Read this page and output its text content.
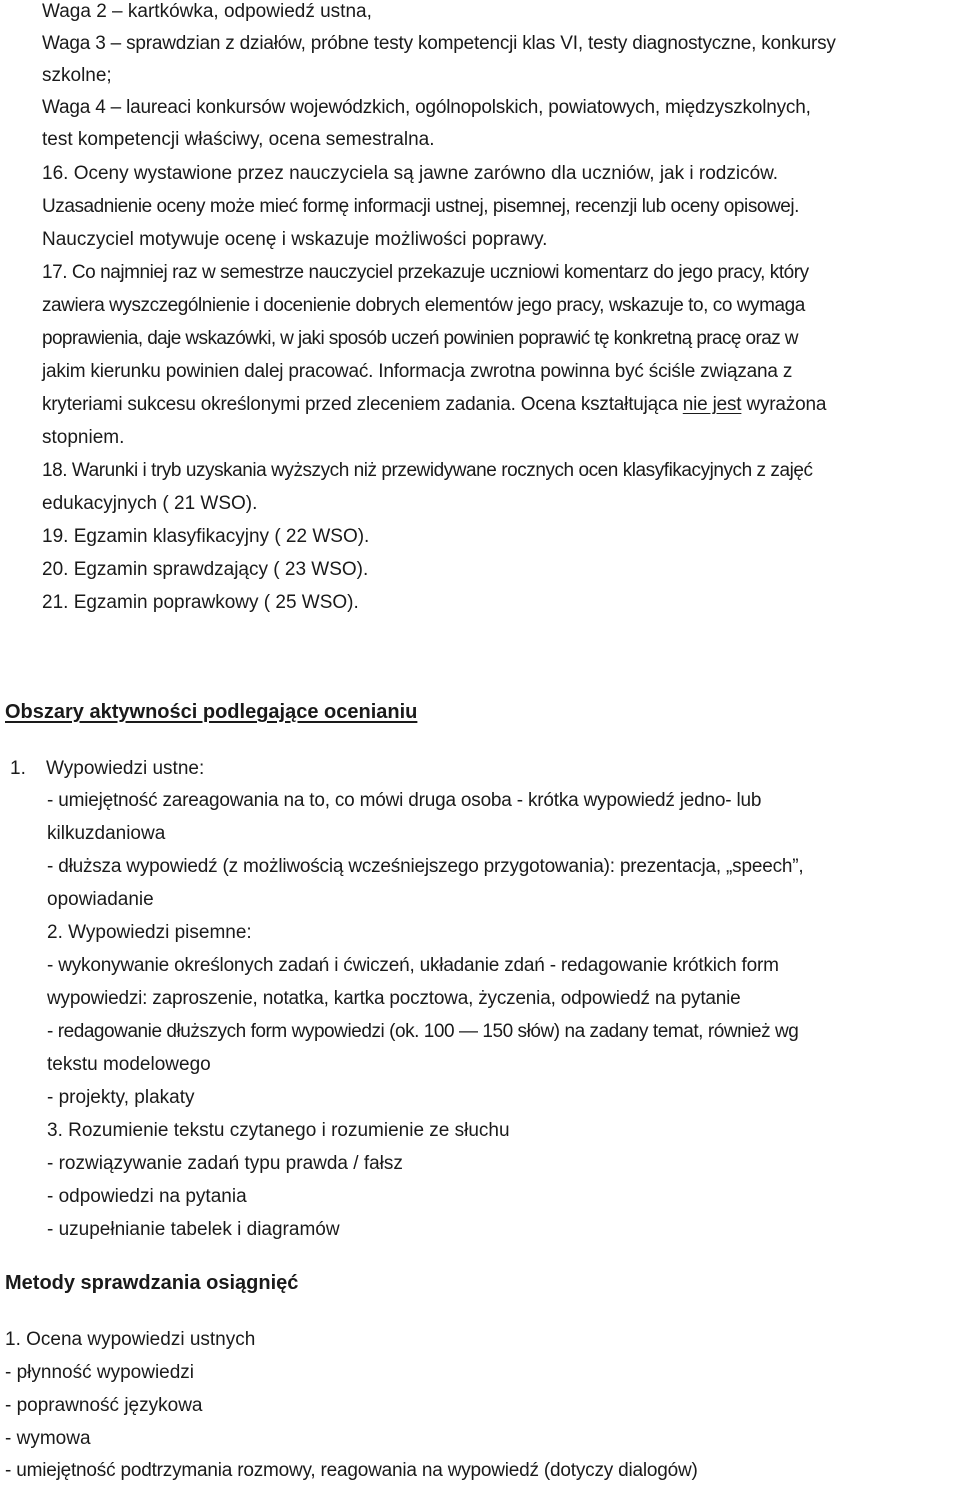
Waga 2 – kartkówka, odpowiedź ustna,
Waga 3 – sprawdzian z działów, próbne testy kompetencji klas VI, testy diagnostyczne, konkursy
szkolne;
Waga 4 – laureaci konkursów wojewódzkich, ogólnopolskich, powiatowych, międzyszkolnych,
test kompetencji właściwy, ocena semestralna.
16. Oceny wystawione przez nauczyciela są jawne zarówno dla uczniów, jak i rodziców.
Uzasadnienie oceny może mieć formę informacji ustnej, pisemnej, recenzji lub oceny opisowej.
Nauczyciel motywuje ocenę i wskazuje możliwości poprawy.
17. Co najmniej raz w semestrze nauczyciel przekazuje uczniowi komentarz do jego pracy, który
zawiera wyszczególnienie i docenienie dobrych elementów jego pracy, wskazuje to, co wymaga
poprawienia, daje wskazówki, w jaki sposób uczeń powinien poprawić tę konkretną pracę oraz w
jakim kierunku powinien dalej pracować. Informacja zwrotna powinna być ściśle związana z
kryteriami sukcesu określonymi przed zleceniem zadania. Ocena kształtująca nie jest wyrażona
stopniem.
18. Warunki i tryb uzyskania wyższych niż przewidywane rocznych ocen klasyfikacyjnych z zajęć
edukacyjnych ( 21 WSO).
19. Egzamin klasyfikacyjny ( 22 WSO).
20. Egzamin sprawdzający ( 23 WSO).
21. Egzamin poprawkowy ( 25 WSO).
Obszary aktywności podlegające ocenianiu
1. Wypowiedzi ustne:
- umiejętność zareagowania na to, co mówi druga osoba - krótka wypowiedź jedno- lub
kilkuzdaniowa
- dłuższa wypowiedź (z możliwością wcześniejszego przygotowania): prezentacja, „speech”,
opowiadanie
2. Wypowiedzi pisemne:
- wykonywanie określonych zadań i ćwiczeń, układanie zdań - redagowanie krótkich form
wypowiedzi: zaproszenie, notatka, kartka pocztowa, życzenia, odpowiedź na pytanie
- redagowanie dłuższych form wypowiedzi (ok. 100 — 150 słów) na zadany temat, również wg
tekstu modelowego
- projekty, plakaty
3. Rozumienie tekstu czytanego i rozumienie ze słuchu
- rozwiązywanie zadań typu prawda / fałsz
- odpowiedzi na pytania
- uzupełnianie tabelek i diagramów
Metody sprawdzania osiągnięć
1. Ocena wypowiedzi ustnych
- płynność wypowiedzi
- poprawność językowa
- wymowa
- umiejętność podtrzymania rozmowy, reagowania na wypowiedź (dotyczy dialogów)
